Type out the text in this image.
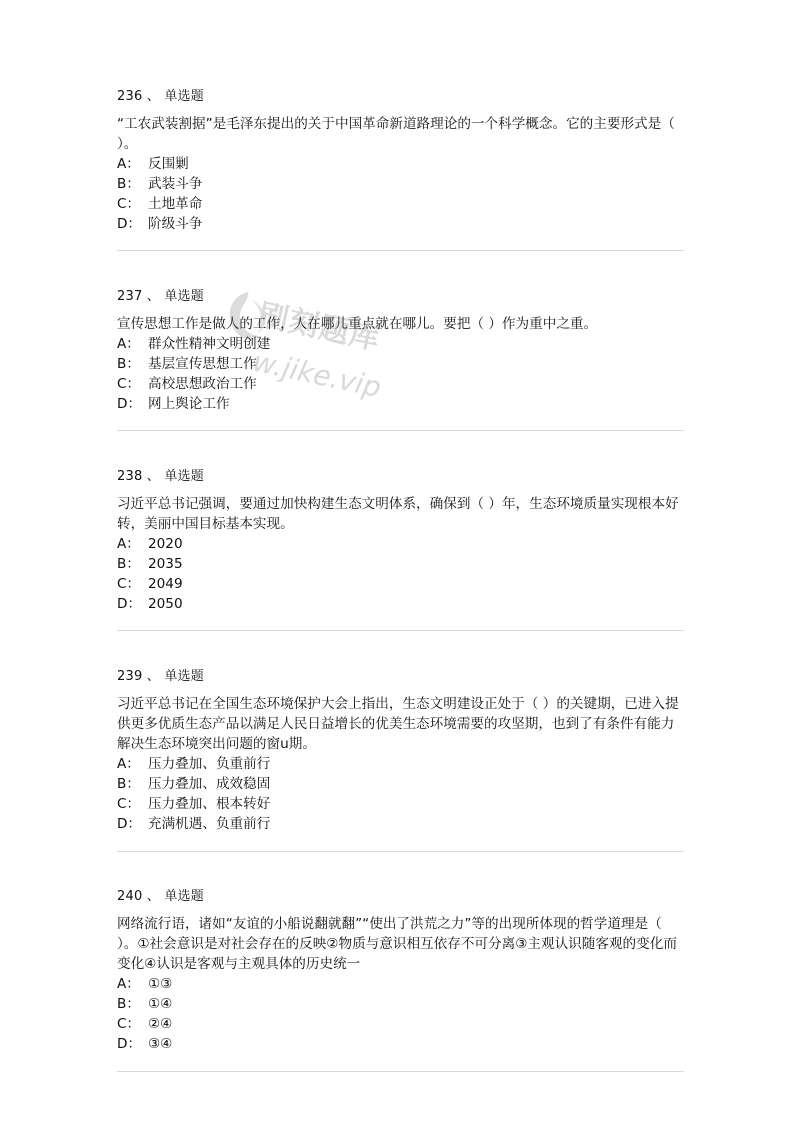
236 、 单选题

“工农武装割据”是毛泽东提出的关于中国革命新道路理论的一个科学概念。它的主要形式是（ ）。

A： 反围剿
B： 武装斗争
C： 土地革命
D： 阶级斗争
237 、 单选题

宣传思想工作是做人的工作，人在哪儿重点就在哪儿。要把（ ）作为重中之重。

A： 群众性精神文明创建
B： 基层宣传思想工作
C： 高校思想政治工作
D： 网上舆论工作
刷刻题库
w.jike.vip
238 、 单选题

习近平总书记强调，要通过加快构建生态文明体系，确保到（ ）年，生态环境质量实现根本好转，美丽中国目标基本实现。

A： 2020
B： 2035
C： 2049
D： 2050
239 、 单选题

习近平总书记在全国生态环境保护大会上指出，生态文明建设正处于（ ）的关键期，已进入提供更多优质生态产品以满足人民日益增长的优美生态环境需要的攻坚期，也到了有条件有能力解决生态环境突出问题的窗u期。

A： 压力叠加、负重前行
B： 压力叠加、成效稳固
C： 压力叠加、根本转好
D： 充满机遇、负重前行
240 、 单选题

网络流行语，诸如“友谊的小船说翻就翻”“使出了洪荒之力”等的出现所体现的哲学道理是（ ）。①社会意识是对社会存在的反映②物质与意识相互依存不可分离③主观认识随客观的变化而变化④认识是客观与主观具体的历史统一

A： ①③
B： ①④
C： ②④
D： ③④
